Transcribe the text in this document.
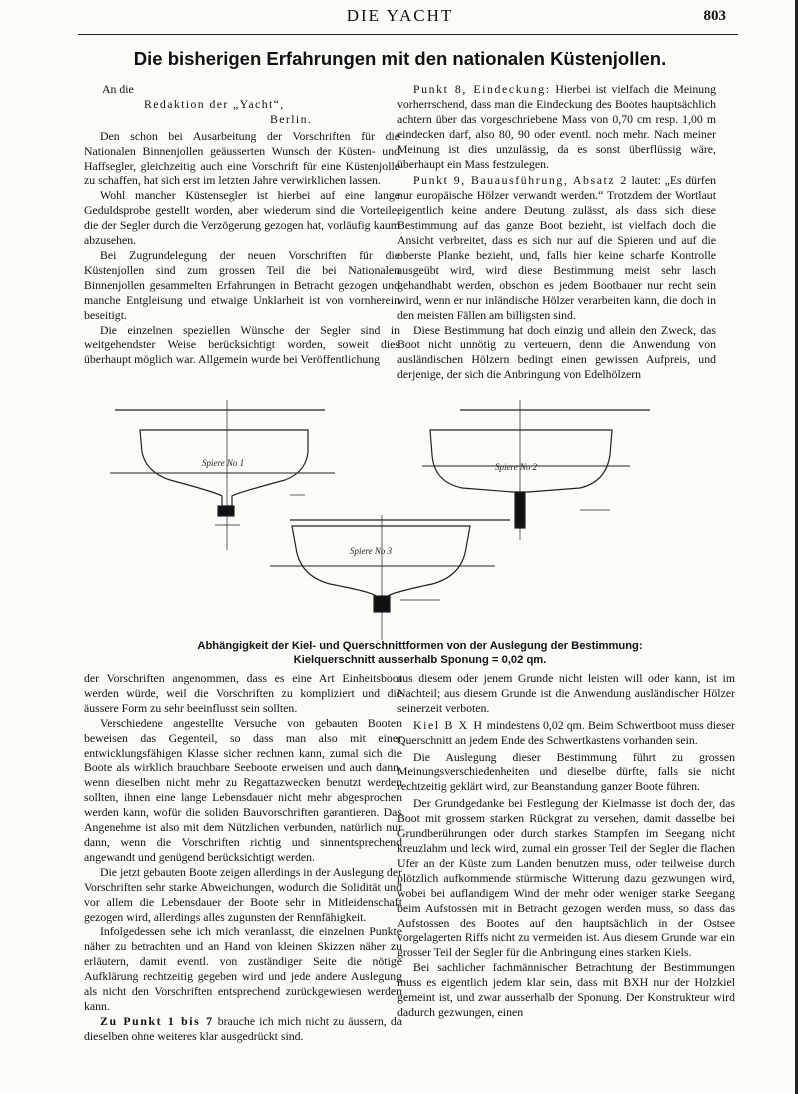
DIE YACHT	803
Die bisherigen Erfahrungen mit den nationalen Küstenjollen.

An die

Redaktion der „Yacht“,

Berlin.

Den schon bei Ausarbeitung der Vorschriften für die Nationalen Binnenjollen geäusserten Wunsch der Küsten- und Haffsegler, gleichzeitig auch eine Vorschrift für eine Küstenjolle zu schaffen, hat sich erst im letzten Jahre verwirklichen lassen.

Wohl mancher Küstensegler ist hierbei auf eine lange Geduldsprobe gestellt worden, aber wiederum sind die Vorteile, die der Segler durch die Verzögerung gezogen hat, vorläufig kaum abzusehen.

Bei Zugrundelegung der neuen Vorschriften für die Küstenjollen sind zum grossen Teil die bei Nationalen Binnenjollen gesammelten Erfahrungen in Betracht gezogen und manche Entgleisung und etwaige Unklarheit ist von vornherein beseitigt.

Die einzelnen speziellen Wünsche der Segler sind in weitgehendster Weise berücksichtigt worden, soweit dies überhaupt möglich war. Allgemein wurde bei Veröffentlichung

Punkt 8, Eindeckung: Hierbei ist vielfach die Meinung vorherrschend, dass man die Eindeckung des Bootes hauptsächlich achtern über das vorgeschriebene Mass von 0,70 cm resp. 1,00 m eindecken darf, also 80, 90 oder eventl. noch mehr. Nach meiner Meinung ist dies unzulässig, da es sonst überflüssig wäre, überhaupt ein Mass festzulegen.

Punkt 9, Bauausführung, Absatz 2 lautet: „Es dürfen nur europäische Hölzer verwandt werden.“ Trotzdem der Wortlaut eigentlich keine andere Deutung zulässt, als dass sich diese Bestimmung auf das ganze Boot bezieht, ist vielfach doch die Ansicht verbreitet, dass es sich nur auf die Spieren und auf die oberste Planke bezieht, und, falls hier keine scharfe Kontrolle ausgeübt wird, wird diese Bestimmung meist sehr lasch gehandhabt werden, obschon es jedem Bootbauer nur recht sein wird, wenn er nur inländische Hölzer verarbeiten kann, die doch in den meisten Fällen am billigsten sind.

Diese Bestimmung hat doch einzig und allein den Zweck, das Boot nicht unnötig zu verteuern, denn die Anwendung von ausländischen Hölzern bedingt einen gewissen Aufpreis, und derjenige, der sich die Anbringung von Edelhölzern

Spiere No 1	Spiere No 2
Spiere No 3
Abhängigkeit der Kiel- und Querschnittformen von der Auslegung der Bestimmung:
Kielquerschnitt ausserhalb Sponung = 0,02 qm.

der Vorschriften angenommen, dass es eine Art Einheitsboot werden würde, weil die Vorschriften zu kompliziert und die äussere Form zu sehr beeinflusst sein sollten.

Verschiedene angestellte Versuche von gebauten Booten beweisen das Gegenteil, so dass man also mit einer entwicklungsfähigen Klasse sicher rechnen kann, zumal sich die Boote als wirklich brauchbare Seeboote erweisen und auch dann, wenn dieselben nicht mehr zu Regattazwecken benutzt werden sollten, ihnen eine lange Lebensdauer nicht mehr abgesprochen werden kann, wofür die soliden Bauvorschriften garantieren. Das Angenehme ist also mit dem Nützlichen verbunden, natürlich nur dann, wenn die Vorschriften richtig und sinnentsprechend angewandt und genügend berücksichtigt werden.

Die jetzt gebauten Boote zeigen allerdings in der Auslegung der Vorschriften sehr starke Abweichungen, wodurch die Solidität und vor allem die Lebensdauer der Boote sehr in Mitleidenschaft gezogen wird, allerdings alles zugunsten der Rennfähigkeit.

Infolgedessen sehe ich mich veranlasst, die einzelnen Punkte näher zu betrachten und an Hand von kleinen Skizzen näher zu erläutern, damit eventl. von zuständiger Seite die nötige Aufklärung rechtzeitig gegeben wird und jede andere Auslegung als nicht den Vorschriften entsprechend zurückgewiesen werden kann.

Zu Punkt 1 bis 7 brauche ich mich nicht zu äussern, da dieselben ohne weiteres klar ausgedrückt sind.

aus diesem oder jenem Grunde nicht leisten will oder kann, ist im Nachteil; aus diesem Grunde ist die Anwendung ausländischer Hölzer seinerzeit verboten.

Kiel B X H mindestens 0,02 qm. Beim Schwertboot muss dieser Querschnitt an jedem Ende des Schwertkastens vorhanden sein.

Die Auslegung dieser Bestimmung führt zu grossen Meinungsverschiedenheiten und dieselbe dürfte, falls sie nicht rechtzeitig geklärt wird, zur Beanstandung ganzer Boote führen.

Der Grundgedanke bei Festlegung der Kielmasse ist doch der, das Boot mit grossem starken Rückgrat zu versehen, damit dasselbe bei Grundberührungen oder durch starkes Stampfen im Seegang nicht kreuzlahm und leck wird, zumal ein grosser Teil der Segler die flachen Ufer an der Küste zum Landen benutzen muss, oder teilweise durch plötzlich aufkommende stürmische Witterung dazu gezwungen wird, wobei bei auflandigem Wind der mehr oder weniger starke Seegang beim Aufstossen mit in Betracht gezogen werden muss, so dass das Aufstossen des Bootes auf den hauptsächlich in der Ostsee vorgelagerten Riffs nicht zu vermeiden ist. Aus diesem Grunde war ein grosser Teil der Segler für die Anbringung eines starken Kiels.

Bei sachlicher fachmännischer Betrachtung der Bestimmungen muss es eigentlich jedem klar sein, dass mit BXH nur der Holzkiel gemeint ist, und zwar ausserhalb der Sponung. Der Konstrukteur wird dadurch gezwungen, einen
